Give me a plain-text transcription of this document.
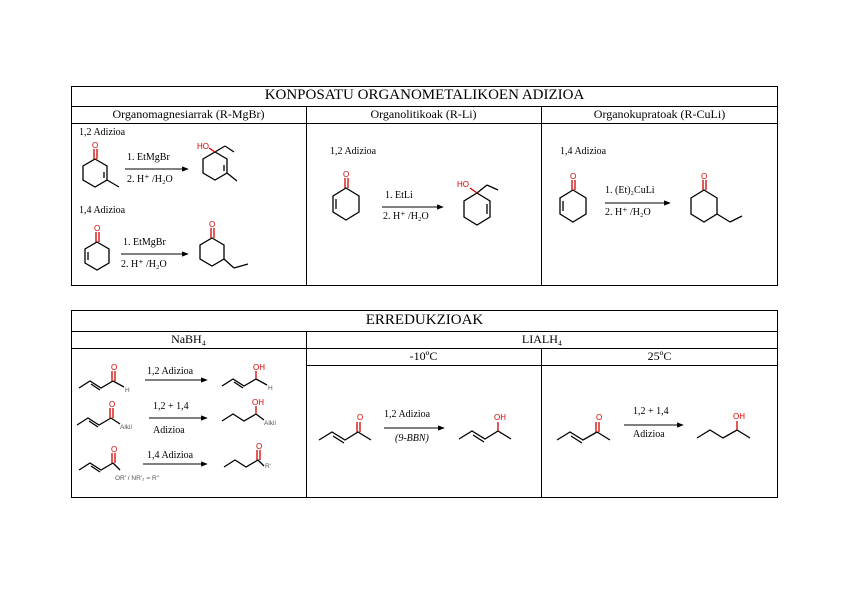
KONPOSATU ORGANOMETALIKOEN ADIZIOA
Organomagnesiarrak (R-MgBr)	Organolitikoak (R-Li)	Organokupratoak (R-CuLi)
1,2 Adizioa
1. EtMgBr
2. H⁺ /H₂O
1,4 Adizioa
1. EtMgBr
2. H⁺ /H₂O
1,2 Adizioa
1. EtLi
2. H⁺ /H₂O
1,4 Adizioa
1. (Et)₂CuLi
2. H⁺ /H₂O
ERREDUKZIOAK
NaBH₄	LIALH₄
-10ºC	25ºC
1,2 Adizioa
1,2 + 1,4
Adizioa
1,4 Adizioa
1,2 Adizioa
(9-BBN)
1,2 + 1,4
Adizioa
O	HO
O	O
O
HO
O	O
O
H
OH
H
O
Alkil
OH
Alkil
O
OR' / NR'₂ = R''
O
R'
O	OH	O	OH
